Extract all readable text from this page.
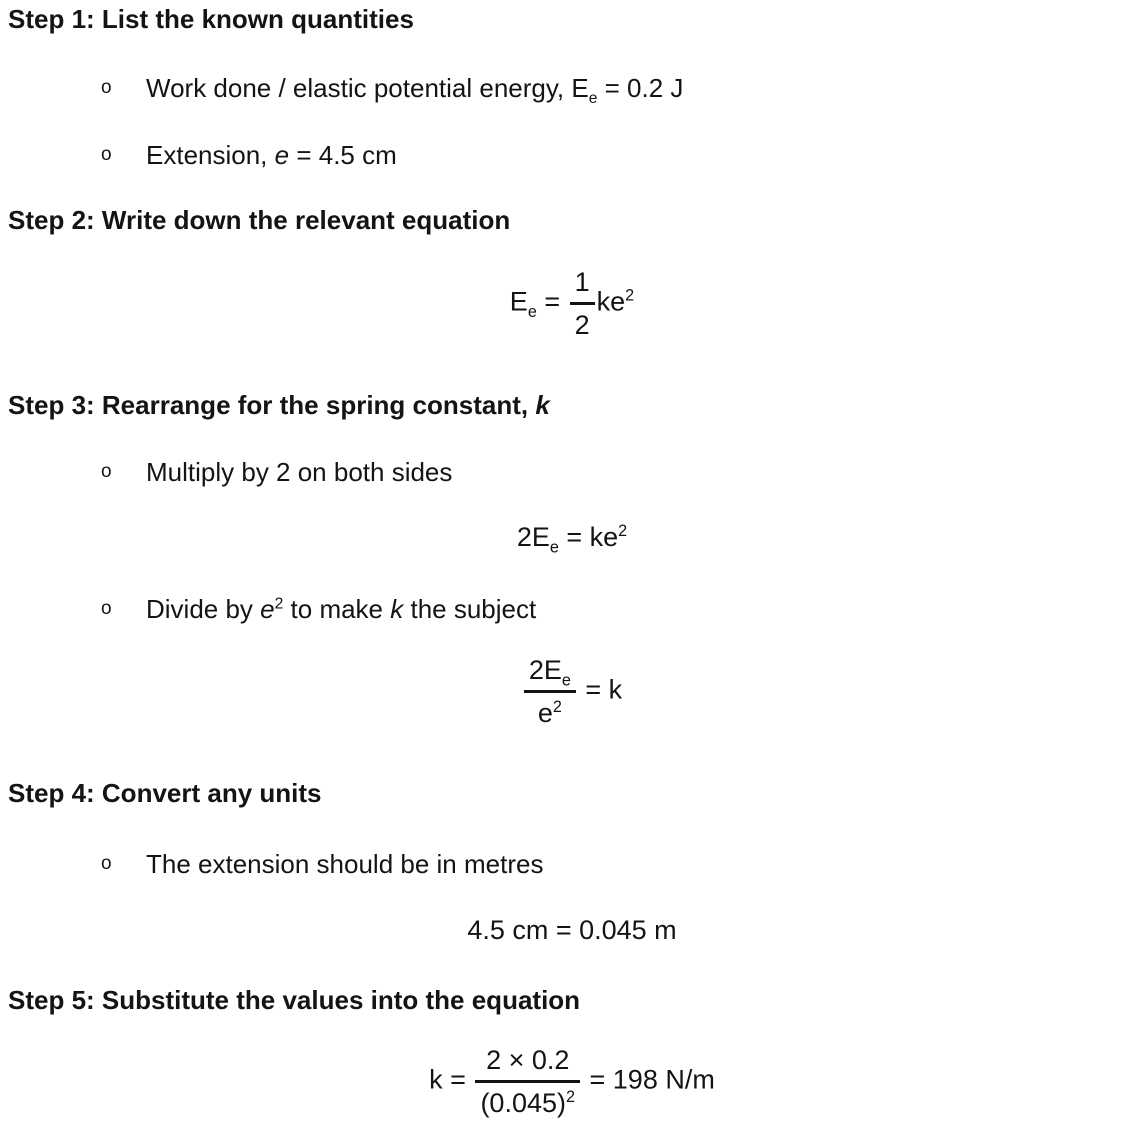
Step 1: List the known quantities
o Work done / elastic potential energy, $E_e = 0.2$ J
o Extension, e = 4.5 cm
Step 2: Write down the relevant equation
$E_e = \frac{1}{2} ke^2$
Step 3: Rearrange for the spring constant, k
o Multiply by 2 on both sides
$2E_e = ke^2$
o Divide by $e^2$ to make k the subject
$\frac{2E_e}{e^2} = k$
Step 4: Convert any units
o The extension should be in metres
4.5 cm = 0.045 m
Step 5: Substitute the values into the equation
$k = \frac{2 \times 0.2}{(0.045)^2} = 198$ N/m
